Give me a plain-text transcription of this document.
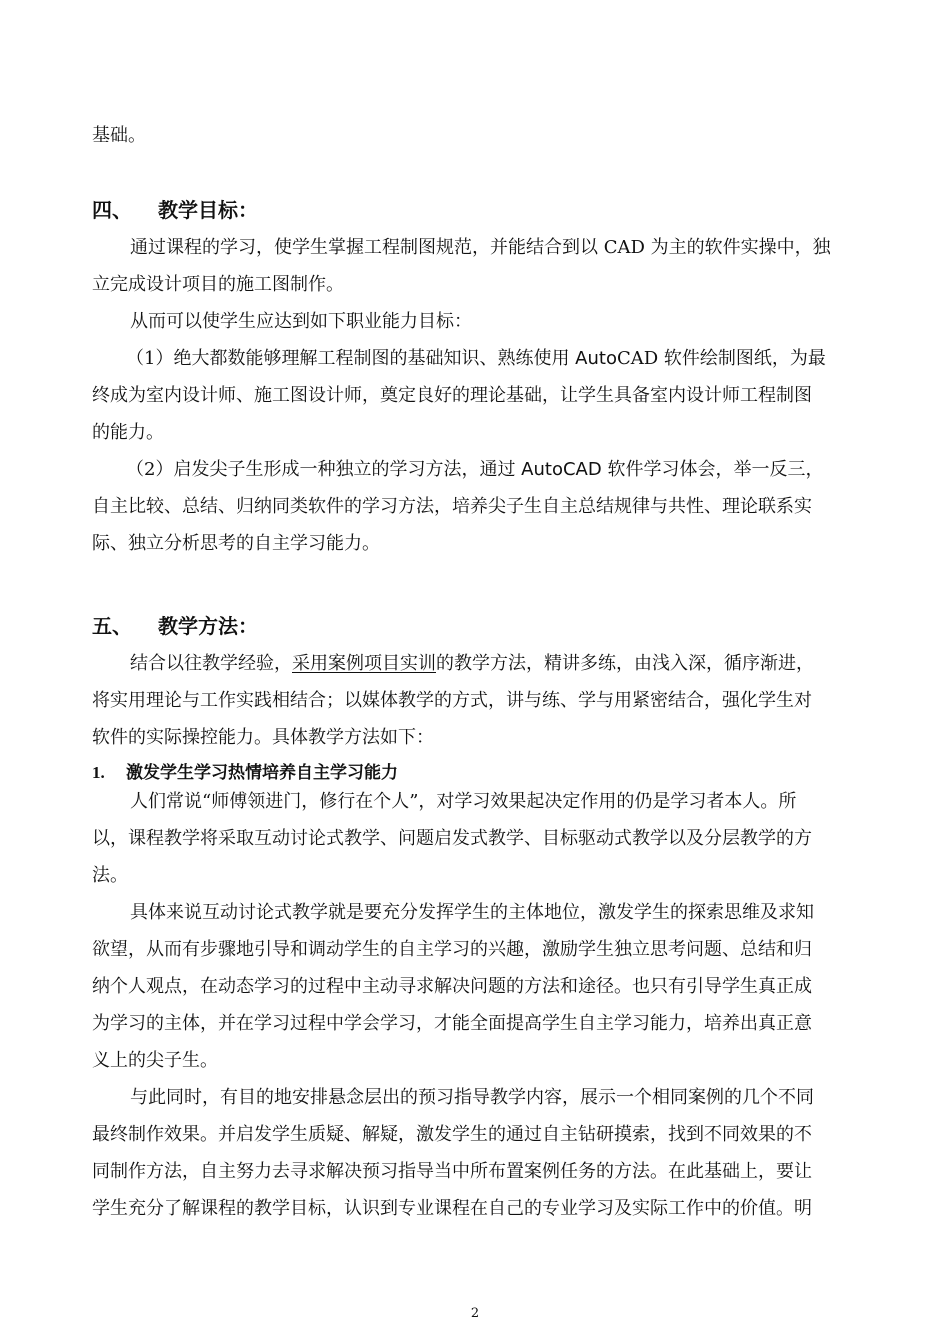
基础。
四、 教学目标：
通过课程的学习，使学生掌握工程制图规范，并能结合到以 CAD 为主的软件实操中，独
立完成设计项目的施工图制作。
从而可以使学生应达到如下职业能力目标：
（1）绝大都数能够理解工程制图的基础知识、熟练使用 AutoCAD 软件绘制图纸，为最
终成为室内设计师、施工图设计师，奠定良好的理论基础，让学生具备室内设计师工程制图
的能力。
（2）启发尖子生形成一种独立的学习方法，通过 AutoCAD 软件学习体会，举一反三，
自主比较、总结、归纳同类软件的学习方法，培养尖子生自主总结规律与共性、理论联系实
际、独立分析思考的自主学习能力。
五、 教学方法：
结合以往教学经验，采用案例项目实训的教学方法，精讲多练，由浅入深，循序渐进，
将实用理论与工作实践相结合；以媒体教学的方式，讲与练、学与用紧密结合，强化学生对
软件的实际操控能力。具体教学方法如下：
1. 激发学生学习热情培养自主学习能力
人们常说“师傅领进门，修行在个人”，对学习效果起决定作用的仍是学习者本人。所
以，课程教学将采取互动讨论式教学、问题启发式教学、目标驱动式教学以及分层教学的方
法。
具体来说互动讨论式教学就是要充分发挥学生的主体地位，激发学生的探索思维及求知
欲望，从而有步骤地引导和调动学生的自主学习的兴趣，激励学生独立思考问题、总结和归
纳个人观点，在动态学习的过程中主动寻求解决问题的方法和途径。也只有引导学生真正成
为学习的主体，并在学习过程中学会学习，才能全面提高学生自主学习能力，培养出真正意
义上的尖子生。
与此同时，有目的地安排悬念层出的预习指导教学内容，展示一个相同案例的几个不同
最终制作效果。并启发学生质疑、解疑，激发学生的通过自主钻研摸索，找到不同效果的不
同制作方法，自主努力去寻求解决预习指导当中所布置案例任务的方法。在此基础上，要让
学生充分了解课程的教学目标，认识到专业课程在自己的专业学习及实际工作中的价值。明
2
